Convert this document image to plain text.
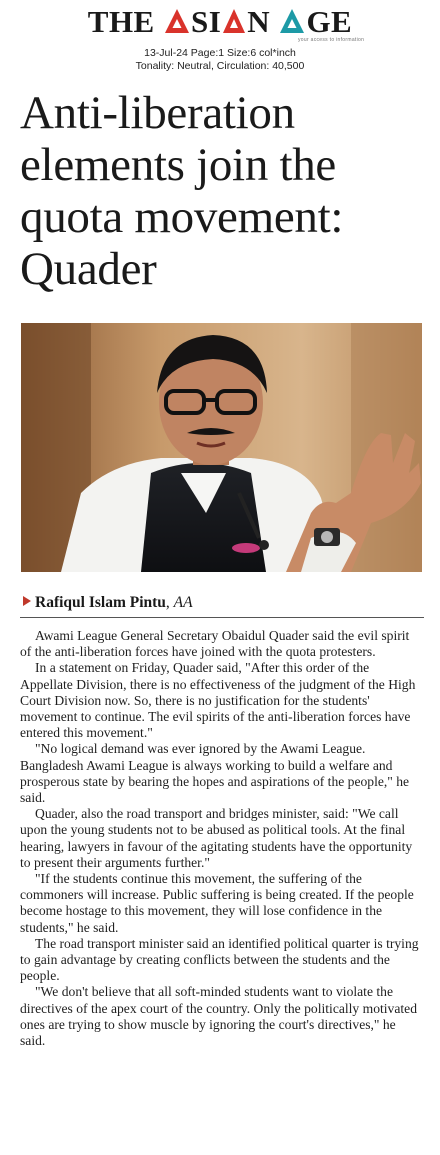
THE SI N GE
your access to information
13-Jul-24 Page:1 Size:6 col*inch
Tonality: Neutral, Circulation: 40,500
Anti-liberation
elements join the
quota movement:
Quader
Rafiqul Islam Pintu, AA

Awami League General Secretary Obaidul Quader said the evil spirit of the anti-liberation forces have joined with the quota protesters.

In a statement on Friday, Quader said, "After this order of the Appellate Division, there is no effectiveness of the judgment of the High Court Division now. So, there is no justification for the students' movement to continue. The evil spirits of the anti-liberation forces have entered this movement."

"No logical demand was ever ignored by the Awami League. Bangladesh Awami League is always working to build a welfare and prosperous state by bearing the hopes and aspirations of the people," he said.

Quader, also the road transport and bridges minister, said: "We call upon the young students not to be abused as political tools. At the final hearing, lawyers in favour of the agitating students have the opportunity to present their arguments further."

"If the students continue this movement, the suffering of the commoners will increase. Public suffering is being created. If the people become hostage to this movement, they will lose confidence in the students," he said.

The road transport minister said an identified political quarter is trying to gain advantage by creating conflicts between the students and the people.

"We don't believe that all soft-minded students want to violate the directives of the apex court of the country. Only the politically motivated ones are trying to show muscle by ignoring the court's directives," he said.
